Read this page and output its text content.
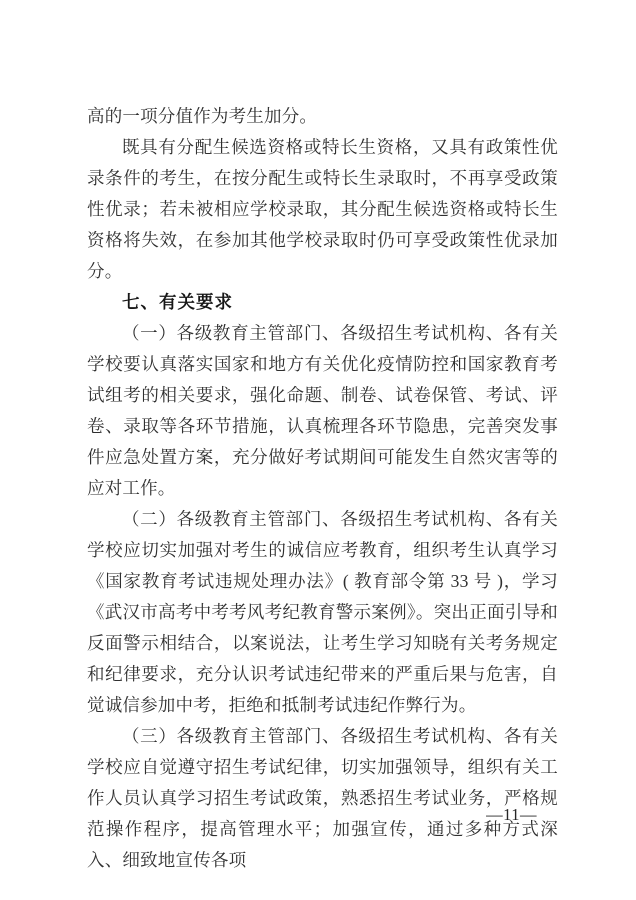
高的一项分值作为考生加分。

既具有分配生候选资格或特长生资格，又具有政策性优录条件的考生，在按分配生或特长生录取时，不再享受政策性优录；若未被相应学校录取，其分配生候选资格或特长生资格将失效，在参加其他学校录取时仍可享受政策性优录加分。

七、有关要求

（一）各级教育主管部门、各级招生考试机构、各有关学校要认真落实国家和地方有关优化疫情防控和国家教育考试组考的相关要求，强化命题、制卷、试卷保管、考试、评卷、录取等各环节措施，认真梳理各环节隐患，完善突发事件应急处置方案，充分做好考试期间可能发生自然灾害等的应对工作。

（二）各级教育主管部门、各级招生考试机构、各有关学校应切实加强对考生的诚信应考教育，组织考生认真学习《国家教育考试违规处理办法》( 教育部令第 33 号 )，学习《武汉市高考中考考风考纪教育警示案例》。突出正面引导和反面警示相结合，以案说法，让考生学习知晓有关考务规定和纪律要求，充分认识考试违纪带来的严重后果与危害，自觉诚信参加中考，拒绝和抵制考试违纪作弊行为。

（三）各级教育主管部门、各级招生考试机构、各有关学校应自觉遵守招生考试纪律，切实加强领导，组织有关工作人员认真学习招生考试政策，熟悉招生考试业务，严格规范操作程序，提高管理水平；加强宣传，通过多种方式深入、细致地宣传各项

—11—
